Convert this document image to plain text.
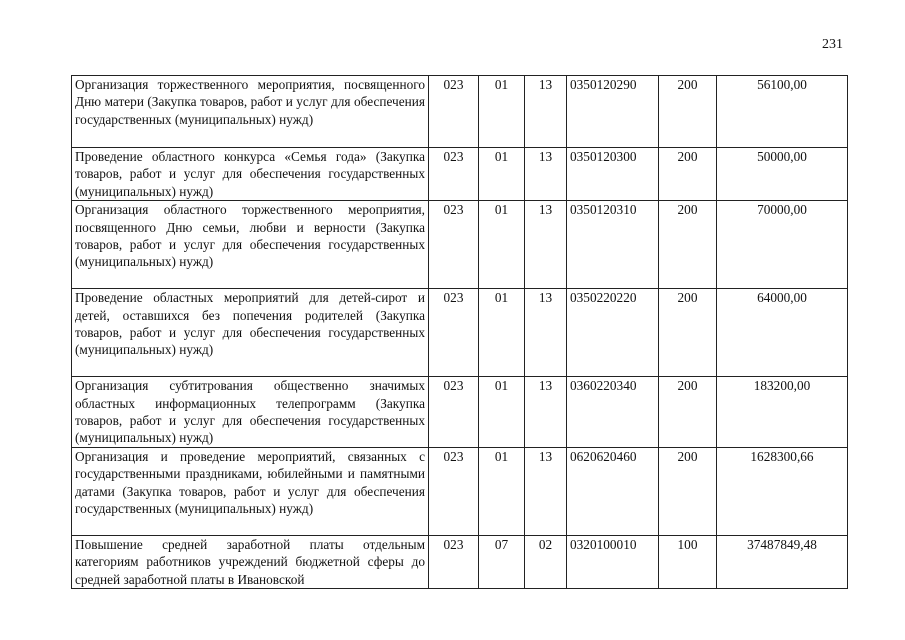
231
Организация торжественного мероприятия, посвященного Дню матери (Закупка товаров, работ и услуг для обеспечения государственных (муниципальных) нужд)	023	01	13	0350120290	200	56100,00
Проведение областного конкурса «Семья года» (Закупка товаров, работ и услуг для обеспечения государственных (муниципальных) нужд)	023	01	13	0350120300	200	50000,00
Организация областного торжественного мероприятия, посвященного Дню семьи, любви и верности (Закупка товаров, работ и услуг для обеспечения государственных (муниципальных) нужд)	023	01	13	0350120310	200	70000,00
Проведение областных мероприятий для детей-сирот и детей, оставшихся без попечения родителей (Закупка товаров, работ и услуг для обеспечения государственных (муниципальных) нужд)	023	01	13	0350220220	200	64000,00
Организация субтитрования общественно значимых областных информационных телепрограмм (Закупка товаров, работ и услуг для обеспечения государственных (муниципальных) нужд)	023	01	13	0360220340	200	183200,00
Организация и проведение мероприятий, связанных с государственными праздниками, юбилейными и памятными датами (Закупка товаров, работ и услуг для обеспечения государственных (муниципальных) нужд)	023	01	13	0620620460	200	1628300,66
Повышение средней заработной платы отдельным категориям работников учреждений бюджетной сферы до средней заработной платы в Ивановской	023	07	02	0320100010	100	37487849,48
